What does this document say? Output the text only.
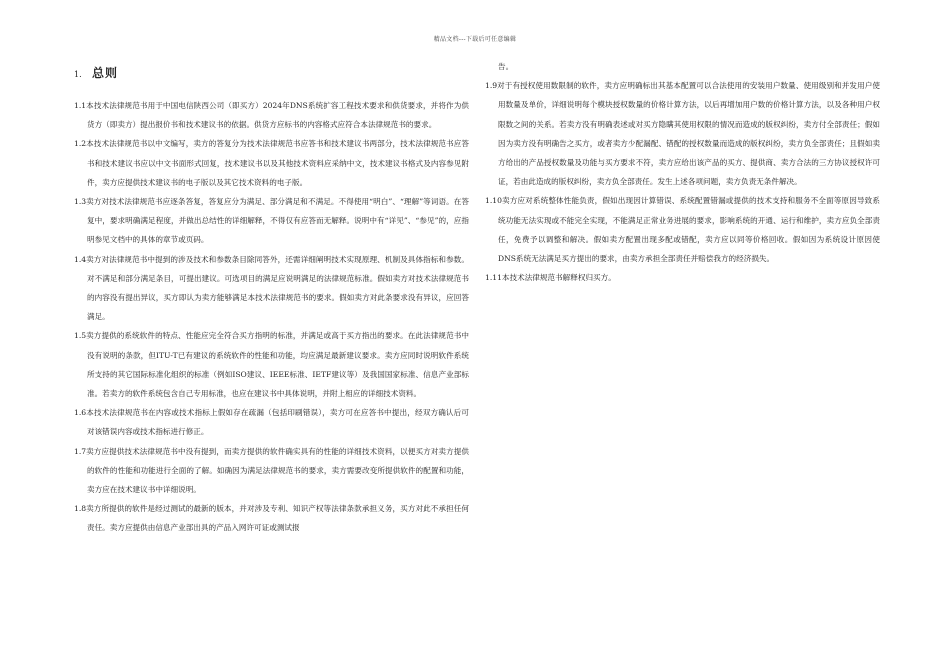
精品文档---下载后可任意编辑
1. 总则

1.1本技术法律规范书用于中国电信陕西公司（即买方）2024年DNS系统扩容工程技术要求和供货要求，并将作为供货方（即卖方）提出报价书和技术建议书的依据。供货方应标书的内容格式应符合本法律规范书的要求。

1.2本技术法律规范书以中文编写，卖方的答复分为技术法律规范书应答书和技术建议书两部分，技术法律规范书应答书和技术建议书应以中文书面形式回复，技术建议书以及其他技术资料应采纳中文，技术建议书格式及内容参见附件，卖方应提供技术建议书的电子版以及其它技术资料的电子版。

1.3卖方对技术法律规范书应逐条答复，答复应分为满足、部分满足和不满足。不得使用“明白”、“理解”等词语。在答复中，要求明确满足程度，并做出总结性的详细解释，不得仅有应答而无解释。说明中有“详见”、“参见”的，应指明参见文档中的具体的章节或页码。

1.4卖方对法律规范书中提到的涉及技术和参数条目除同答外，还需详细阐明技术实现原理、机制及具体指标和参数。对不满足和部分满足条目，可提出建议。可选项目的满足应说明满足的法律规范标准。假如卖方对技术法律规范书的内容没有提出异议，买方即认为卖方能够满足本技术法律规范书的要求。假如卖方对此条要求没有异议，应回答满足。

1.5卖方提供的系统软件的特点、性能应完全符合买方指明的标准，并满足或高于买方指出的要求。在此法律规范书中没有说明的条款，但ITU-T已有建议的系统软件的性能和功能，均应满足最新建议要求。卖方应同时说明软件系统所支持的其它国际标准化组织的标准（例如ISO建议、IEEE标准、IETF建议等）及我国国家标准、信息产业部标准。若卖方的软件系统包含自己专用标准，也应在建议书中具体说明，并附上相应的详细技术资料。

1.6本技术法律规范书在内容或技术指标上假如存在疏漏（包括印刷错误），卖方可在应答书中提出，经双方确认后可对该错误内容或技术指标进行修正。

1.7卖方应提供技术法律规范书中没有提到，而卖方提供的软件确实具有的性能的详细技术资料，以便买方对卖方提供的软件的性能和功能进行全面的了解。如确因为满足法律规范书的要求，卖方需要改变所提供软件的配置和功能，卖方应在技术建议书中详细说明。

1.8卖方所提供的软件是经过测试的最新的版本，并对涉及专利、知识产权等法律条款承担义务，买方对此不承担任何责任。卖方应提供由信息产业部出具的产品入网许可证或测试报

告。

1.9对于有授权使用数限制的软件，卖方应明确标出其基本配置可以合法使用的安装用户数量、使用级别和并发用户使用数量及单价，详细说明每个模块授权数量的价格计算方法，以后再增加用户数的价格计算方法，以及各种用户权限数之间的关系。若卖方没有明确表述或对买方隐瞒其使用权限的情况而造成的版权纠纷，卖方付全部责任；假如因为卖方没有明确告之买方，或者卖方少配漏配、错配的授权数量而造成的版权纠纷，卖方负全部责任；且假如卖方给出的产品授权数量及功能与买方要求不符，卖方应给出该产品的买方、提供商、卖方合法的三方协议授权许可证，若由此造成的版权纠纷，卖方负全部责任。发生上述各项问题，卖方负责无条件解决。

1.10卖方应对系统整体性能负责，假如出现因计算错误、系统配置错漏或提供的技术支持和服务不全面等原因导致系统功能无法实现或不能完全实现，不能满足正常业务进展的要求，影响系统的开通、运行和维护，卖方应负全部责任，免费予以调整和解决。假如卖方配置出现多配或错配，卖方应以同等价格回收。假如因为系统设计原因使DNS系统无法满足买方提出的要求，由卖方承担全部责任并赔偿我方的经济损失。

1.11本技术法律规范书解释权归买方。
